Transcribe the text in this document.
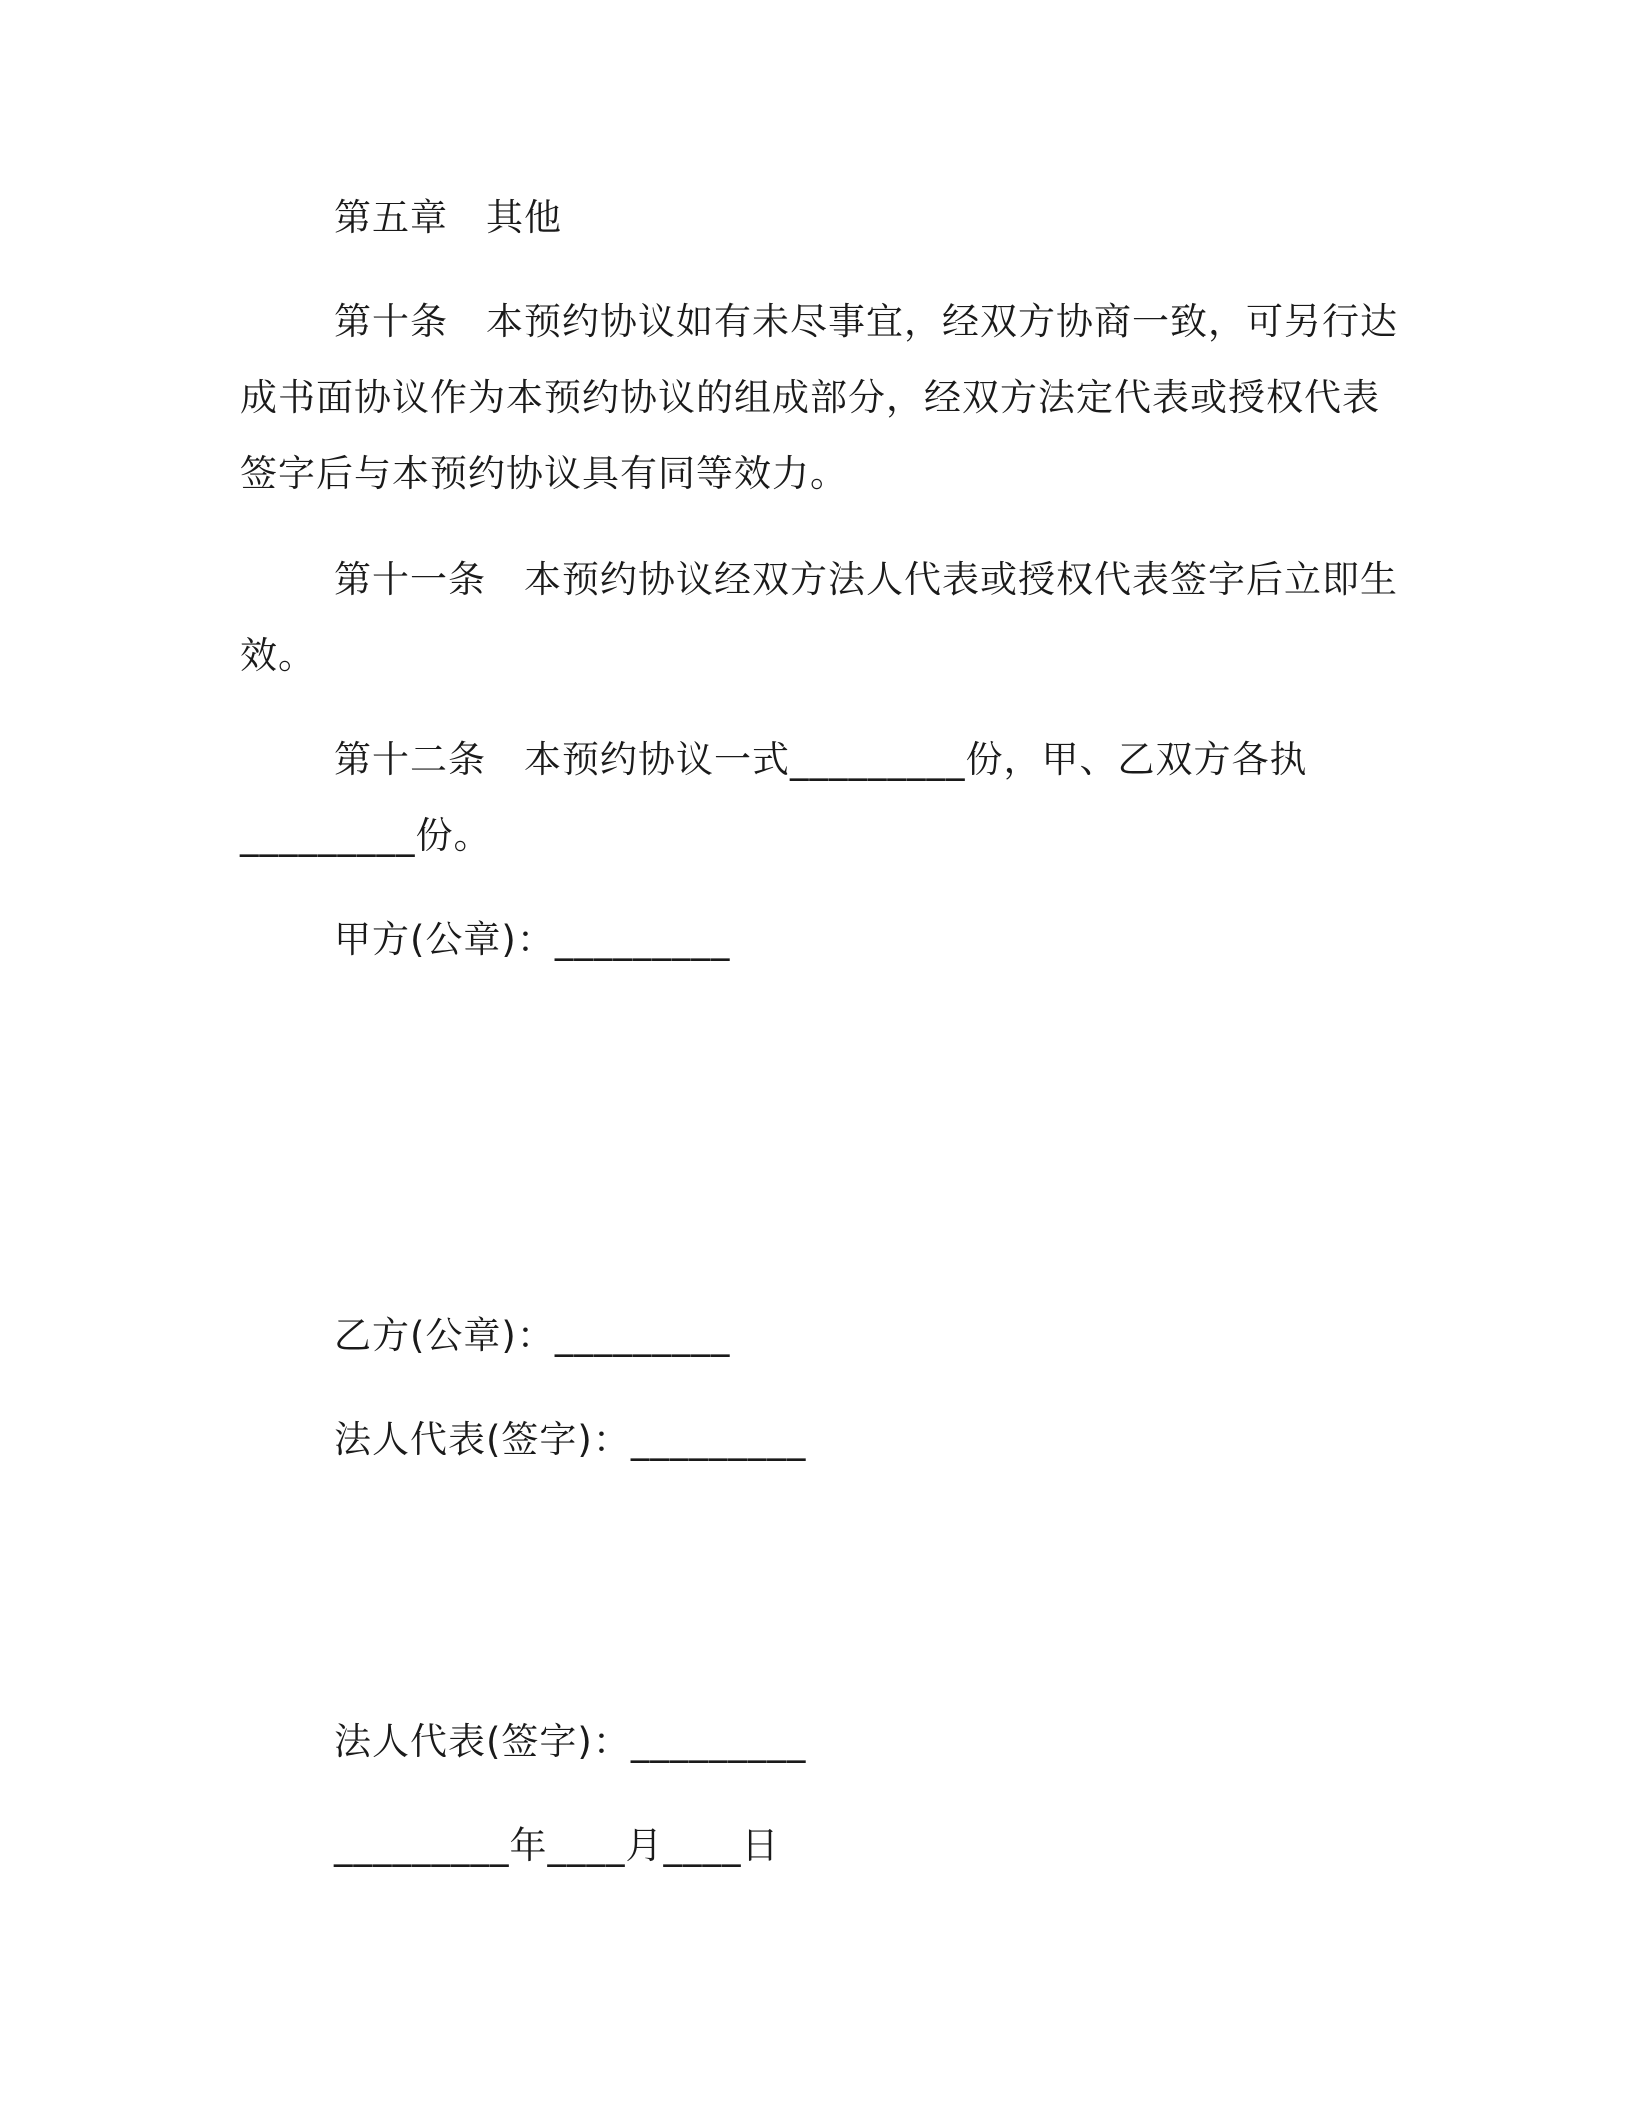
第五章 其他
第十条 本预约协议如有未尽事宜，经双方协商一致，可另行达
成书面协议作为本预约协议的组成部分，经双方法定代表或授权代表
签字后与本预约协议具有同等效力。
第十一条 本预约协议经双方法人代表或授权代表签字后立即生
效。
第十二条 本预约协议一式_________份，甲、乙双方各执
_________份。
甲方(公章)：_________
乙方(公章)：_________
法人代表(签字)：_________
法人代表(签字)：_________
_________年____月____日
